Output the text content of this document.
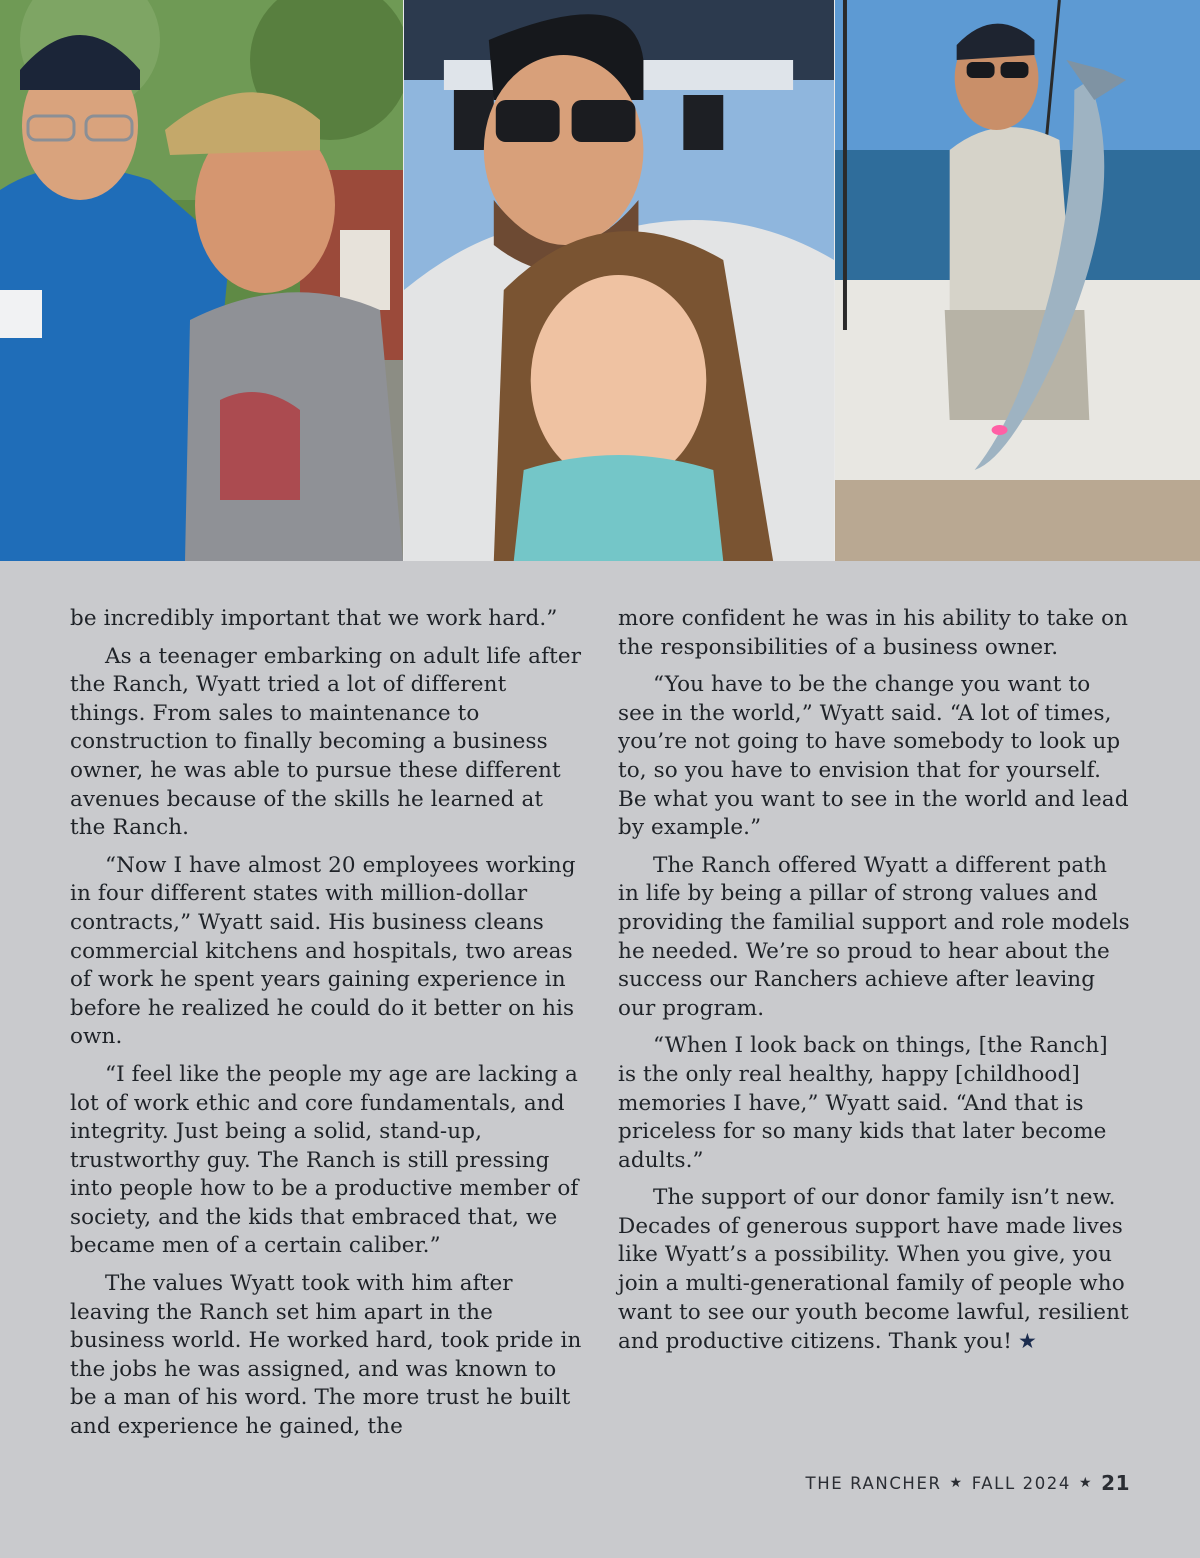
be incredibly important that we work hard.”

As a teenager embarking on adult life after the Ranch, Wyatt tried a lot of different things. From sales to maintenance to construction to finally becoming a business owner, he was able to pursue these different avenues because of the skills he learned at the Ranch.

“Now I have almost 20 employees working in four different states with million-dollar contracts,” Wyatt said. His business cleans commercial kitchens and hospitals, two areas of work he spent years gaining experience in before he realized he could do it better on his own.

“I feel like the people my age are lacking a lot of work ethic and core fundamentals, and integrity. Just being a solid, stand-up, trustworthy guy. The Ranch is still pressing into people how to be a productive member of society, and the kids that embraced that, we became men of a certain caliber.”

The values Wyatt took with him after leaving the Ranch set him apart in the business world. He worked hard, took pride in the jobs he was assigned, and was known to be a man of his word. The more trust he built and experience he gained, the

more confident he was in his ability to take on the responsibilities of a business owner.

“You have to be the change you want to see in the world,” Wyatt said. “A lot of times, you’re not going to have somebody to look up to, so you have to envision that for yourself. Be what you want to see in the world and lead by example.”

The Ranch offered Wyatt a different path in life by being a pillar of strong values and providing the familial support and role models he needed. We’re so proud to hear about the success our Ranchers achieve after leaving our program.

“When I look back on things, [the Ranch] is the only real healthy, happy [childhood] memories I have,” Wyatt said. “And that is priceless for so many kids that later become adults.”

The support of our donor family isn’t new. Decades of generous support have made lives like Wyatt’s a possibility. When you give, you join a multi-generational family of people who want to see our youth become lawful, resilient and productive citizens. Thank you! ★

THE RANCHER ★ FALL 2024 ★ 21
